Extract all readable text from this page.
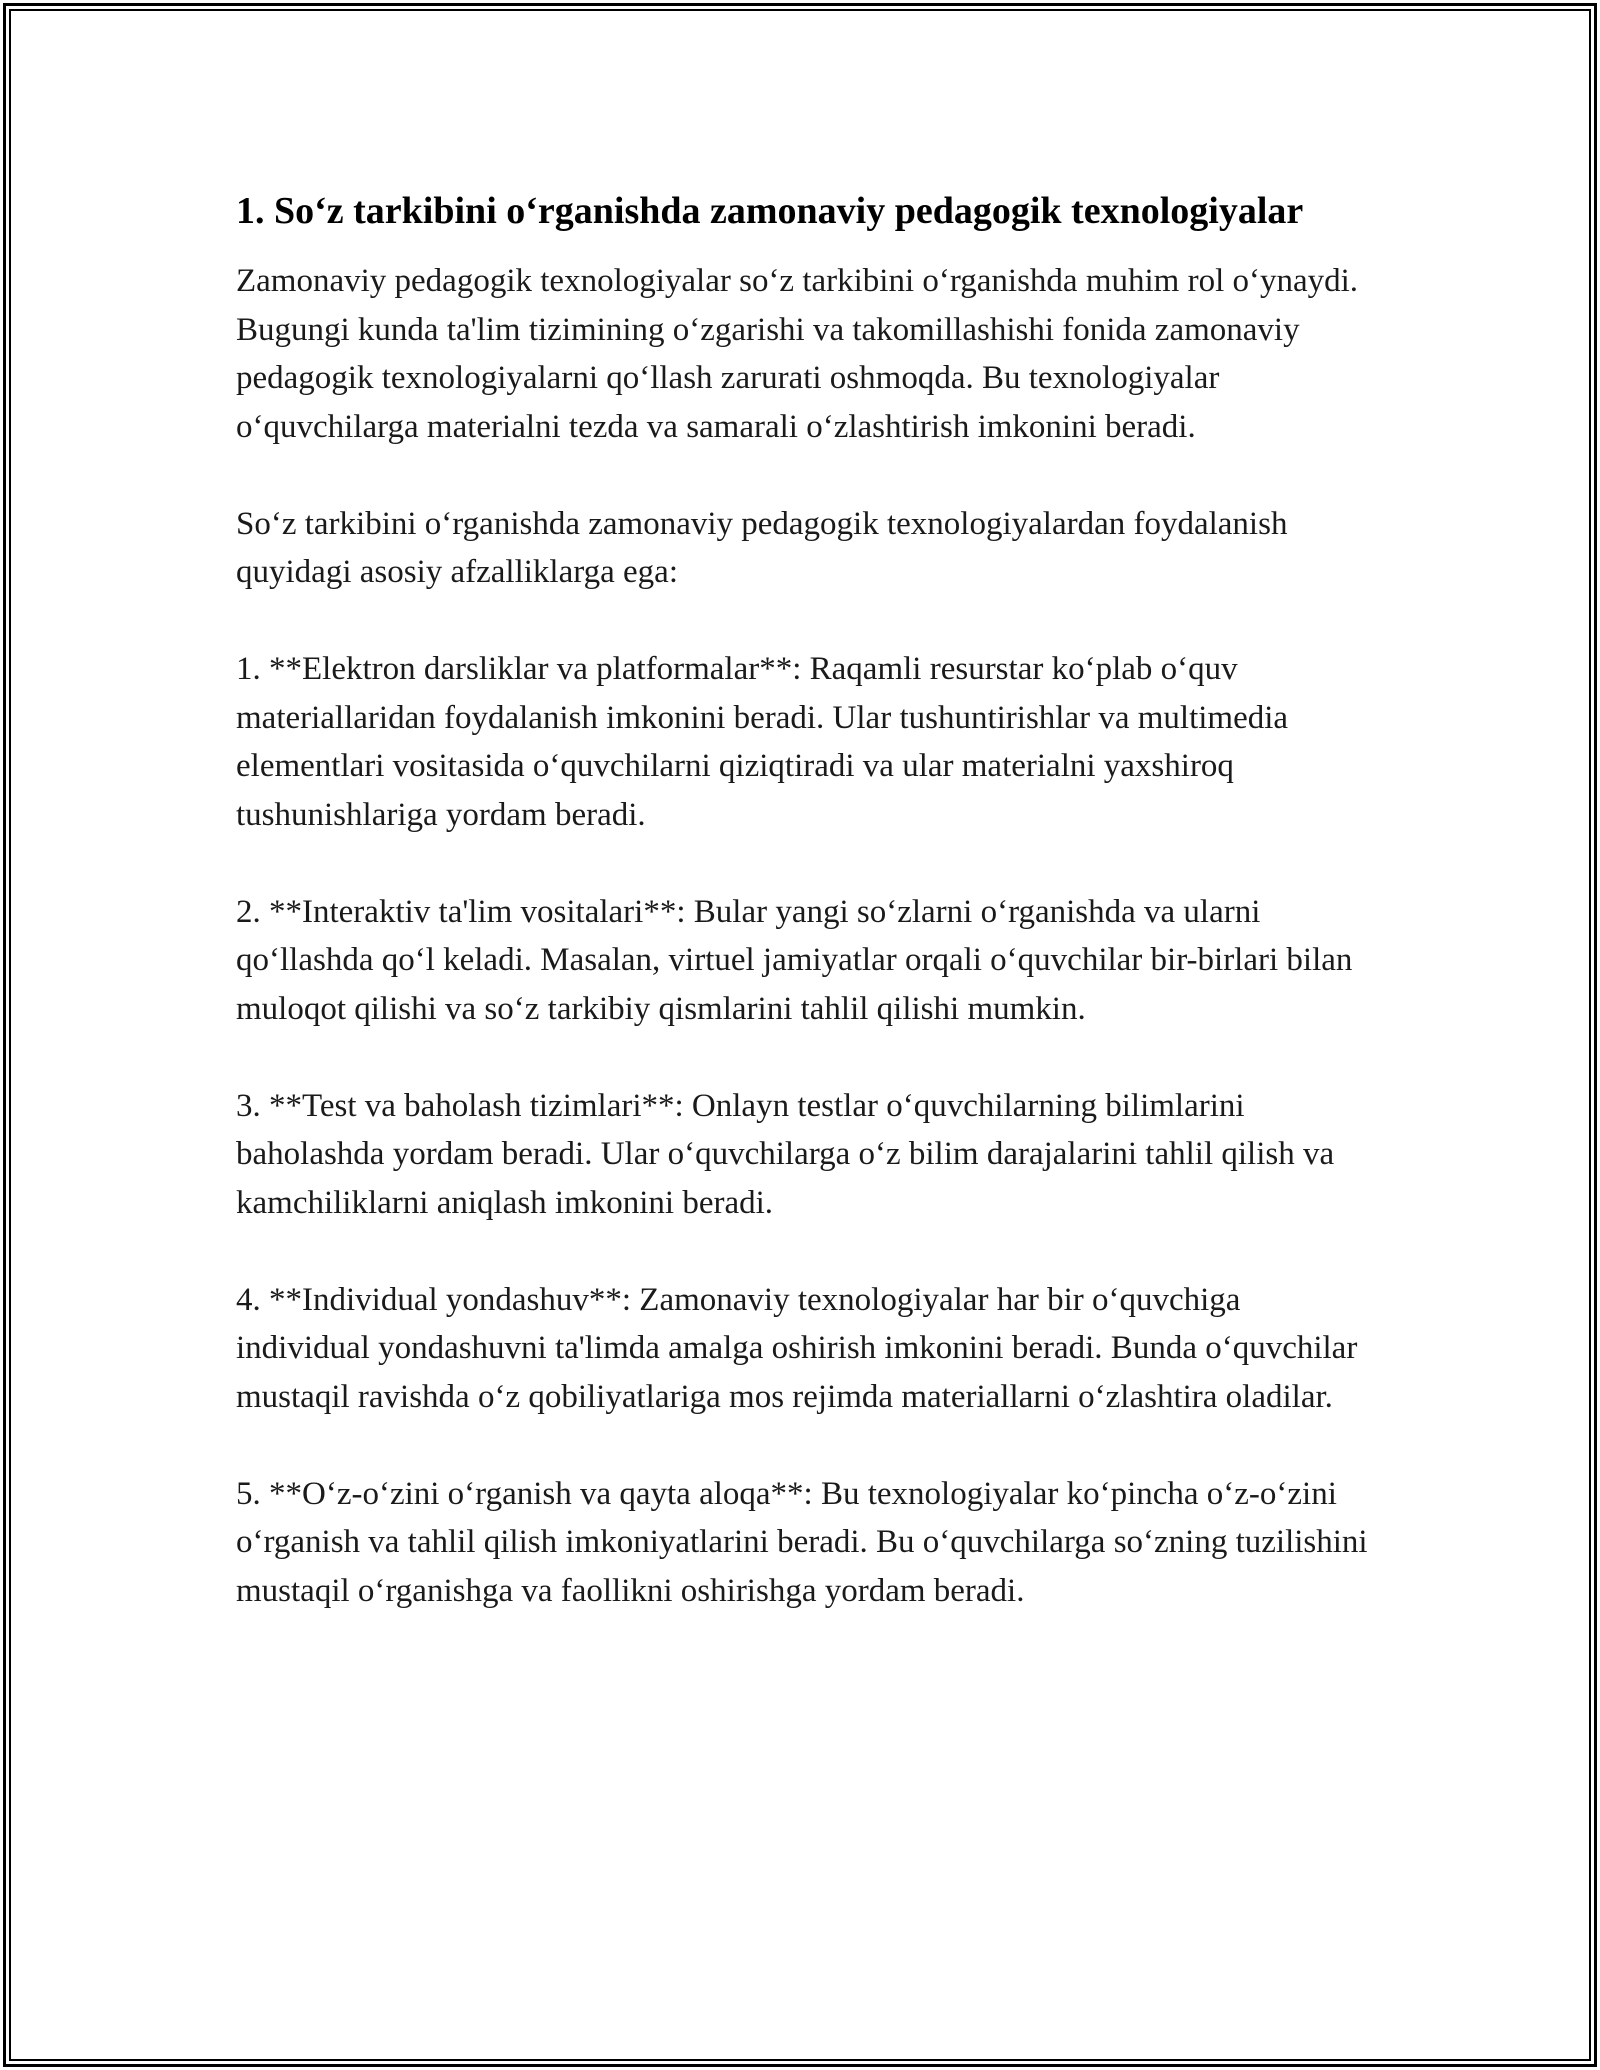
1. So‘z tarkibini o‘rganishda zamonaviy pedagogik texnologiyalar

Zamonaviy pedagogik texnologiyalar so‘z tarkibini o‘rganishda muhim rol o‘ynaydi. Bugungi kunda ta'lim tizimining o‘zgarishi va takomillashishi fonida zamonaviy pedagogik texnologiyalarni qo‘llash zarurati oshmoqda. Bu texnologiyalar o‘quvchilarga materialni tezda va samarali o‘zlashtirish imkonini beradi.

So‘z tarkibini o‘rganishda zamonaviy pedagogik texnologiyalardan foydalanish quyidagi asosiy afzalliklarga ega:

1. **Elektron darsliklar va platformalar**: Raqamli resurstar ko‘plab o‘quv materiallaridan foydalanish imkonini beradi. Ular tushuntirishlar va multimedia elementlari vositasida o‘quvchilarni qiziqtiradi va ular materialni yaxshiroq tushunishlariga yordam beradi.

2. **Interaktiv ta'lim vositalari**: Bular yangi so‘zlarni o‘rganishda va ularni qo‘llashda qo‘l keladi. Masalan, virtuel jamiyatlar orqali o‘quvchilar bir-birlari bilan muloqot qilishi va so‘z tarkibiy qismlarini tahlil qilishi mumkin.

3. **Test va baholash tizimlari**: Onlayn testlar o‘quvchilarning bilimlarini baholashda yordam beradi. Ular o‘quvchilarga o‘z bilim darajalarini tahlil qilish va kamchiliklarni aniqlash imkonini beradi.

4. **Individual yondashuv**: Zamonaviy texnologiyalar har bir o‘quvchiga individual yondashuvni ta'limda amalga oshirish imkonini beradi. Bunda o‘quvchilar mustaqil ravishda o‘z qobiliyatlariga mos rejimda materiallarni o‘zlashtira oladilar.

5. **O‘z-o‘zini o‘rganish va qayta aloqa**: Bu texnologiyalar ko‘pincha o‘z-o‘zini o‘rganish va tahlil qilish imkoniyatlarini beradi. Bu o‘quvchilarga so‘zning tuzilishini mustaqil o‘rganishga va faollikni oshirishga yordam beradi.
